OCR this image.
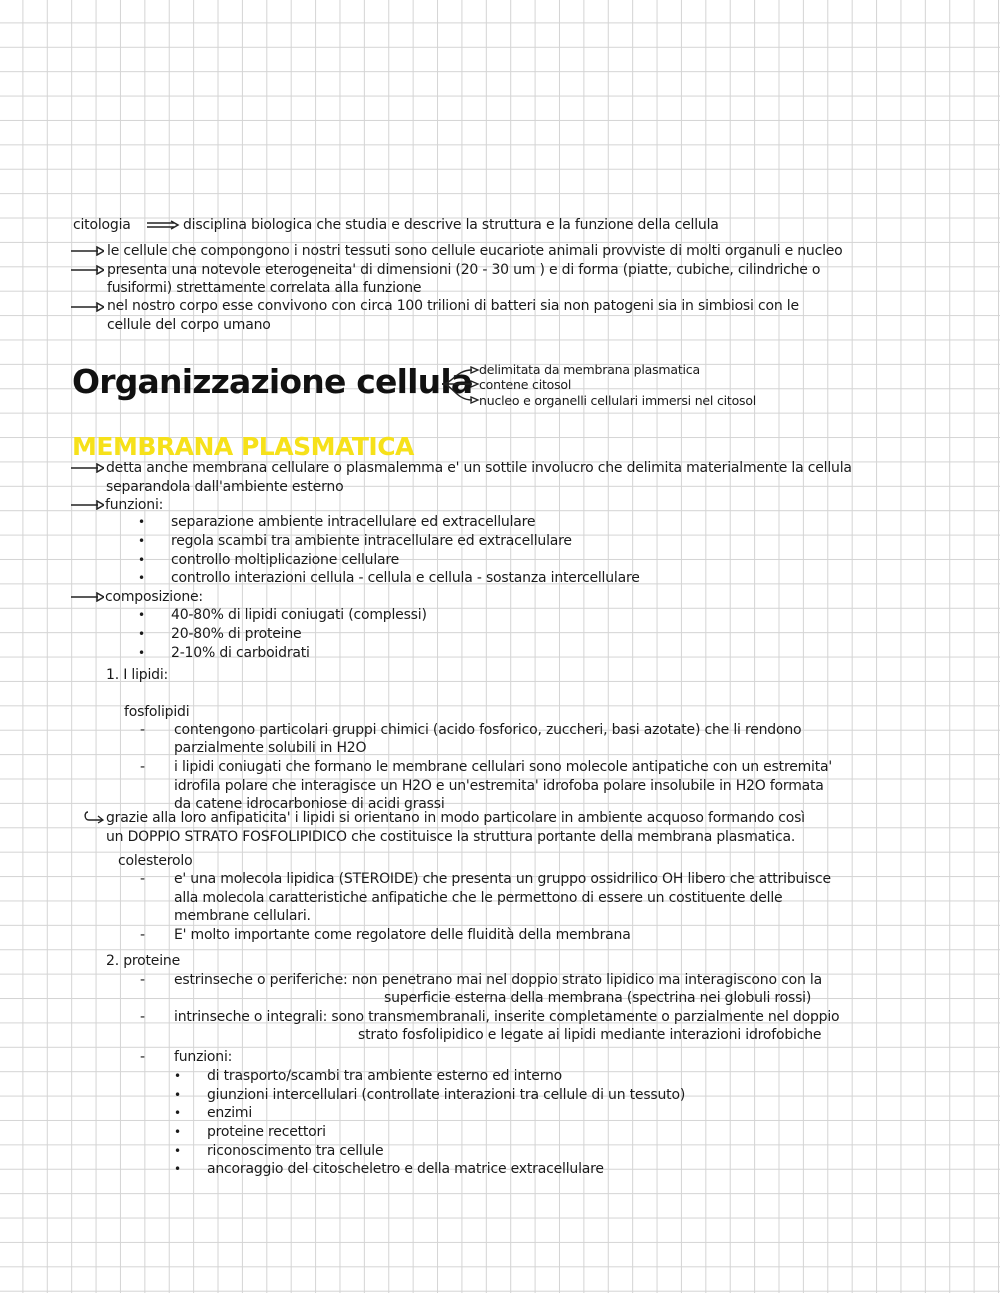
citologia	disciplina biologica che studia e descrive la struttura e la funzione della cellula
le cellule che compongono i nostri tessuti sono cellule eucariote animali provviste di molti organuli e nucleo
presenta una notevole eterogeneita' di dimensioni (20 - 30 um ) e di forma (piatte, cubiche, cilindriche o
fusiformi) strettamente correlata alla funzione
nel nostro corpo esse convivono con circa 100 trilioni di batteri sia non patogeni sia in simbiosi con le
cellule del corpo umano
Organizzazione cellula delimitata da membrana plasmatica
contene citosol
nucleo e organelli cellulari immersi nel citosol
MEMBRANA PLASMATICA
detta anche membrana cellulare o plasmalemma e' un sottile involucro che delimita materialmente la cellula
separandola dall'ambiente esterno
funzioni:
• separazione ambiente intracellulare ed extracellulare
• regola scambi tra ambiente intracellulare ed extracellulare
• controllo moltiplicazione cellulare
• controllo interazioni cellula - cellula e cellula - sostanza intercellulare
composizione:
• 40-80% di lipidi coniugati (complessi)
• 20-80% di proteine
• 2-10% di carboidrati
1. I lipidi:
fosfolipidi
- contengono particolari gruppi chimici (acido fosforico, zuccheri, basi azotate) che li rendono
parzialmente solubili in H2O
- i lipidi coniugati che formano le membrane cellulari sono molecole antipatiche con un estremita'
idrofila polare che interagisce un H2O e un'estremita' idrofoba polare insolubile in H2O formata
da catene idrocarboniose di acidi grassi
grazie alla loro anfipaticita' i lipidi si orientano in modo particolare in ambiente acquoso formando così
un DOPPIO STRATO FOSFOLIPIDICO che costituisce la struttura portante della membrana plasmatica.
colesterolo
- e' una molecola lipidica (STEROIDE) che presenta un gruppo ossidrilico OH libero che attribuisce
alla molecola caratteristiche anfipatiche che le permettono di essere un costituente delle
membrane cellulari.
- E' molto importante come regolatore delle fluidità della membrana
2. proteine
- estrinseche o periferiche: non penetrano mai nel doppio strato lipidico ma interagiscono con la
superficie esterna della membrana (spectrina nei globuli rossi)
- intrinseche o integrali: sono transmembranali, inserite completamente o parzialmente nel doppio
strato fosfolipidico e legate ai lipidi mediante interazioni idrofobiche
- funzioni:
• di trasporto/scambi tra ambiente esterno ed interno
• giunzioni intercellulari (controllate interazioni tra cellule di un tessuto)
• enzimi
• proteine recettori
• riconoscimento tra cellule
• ancoraggio del citoscheletro e della matrice extracellulare
